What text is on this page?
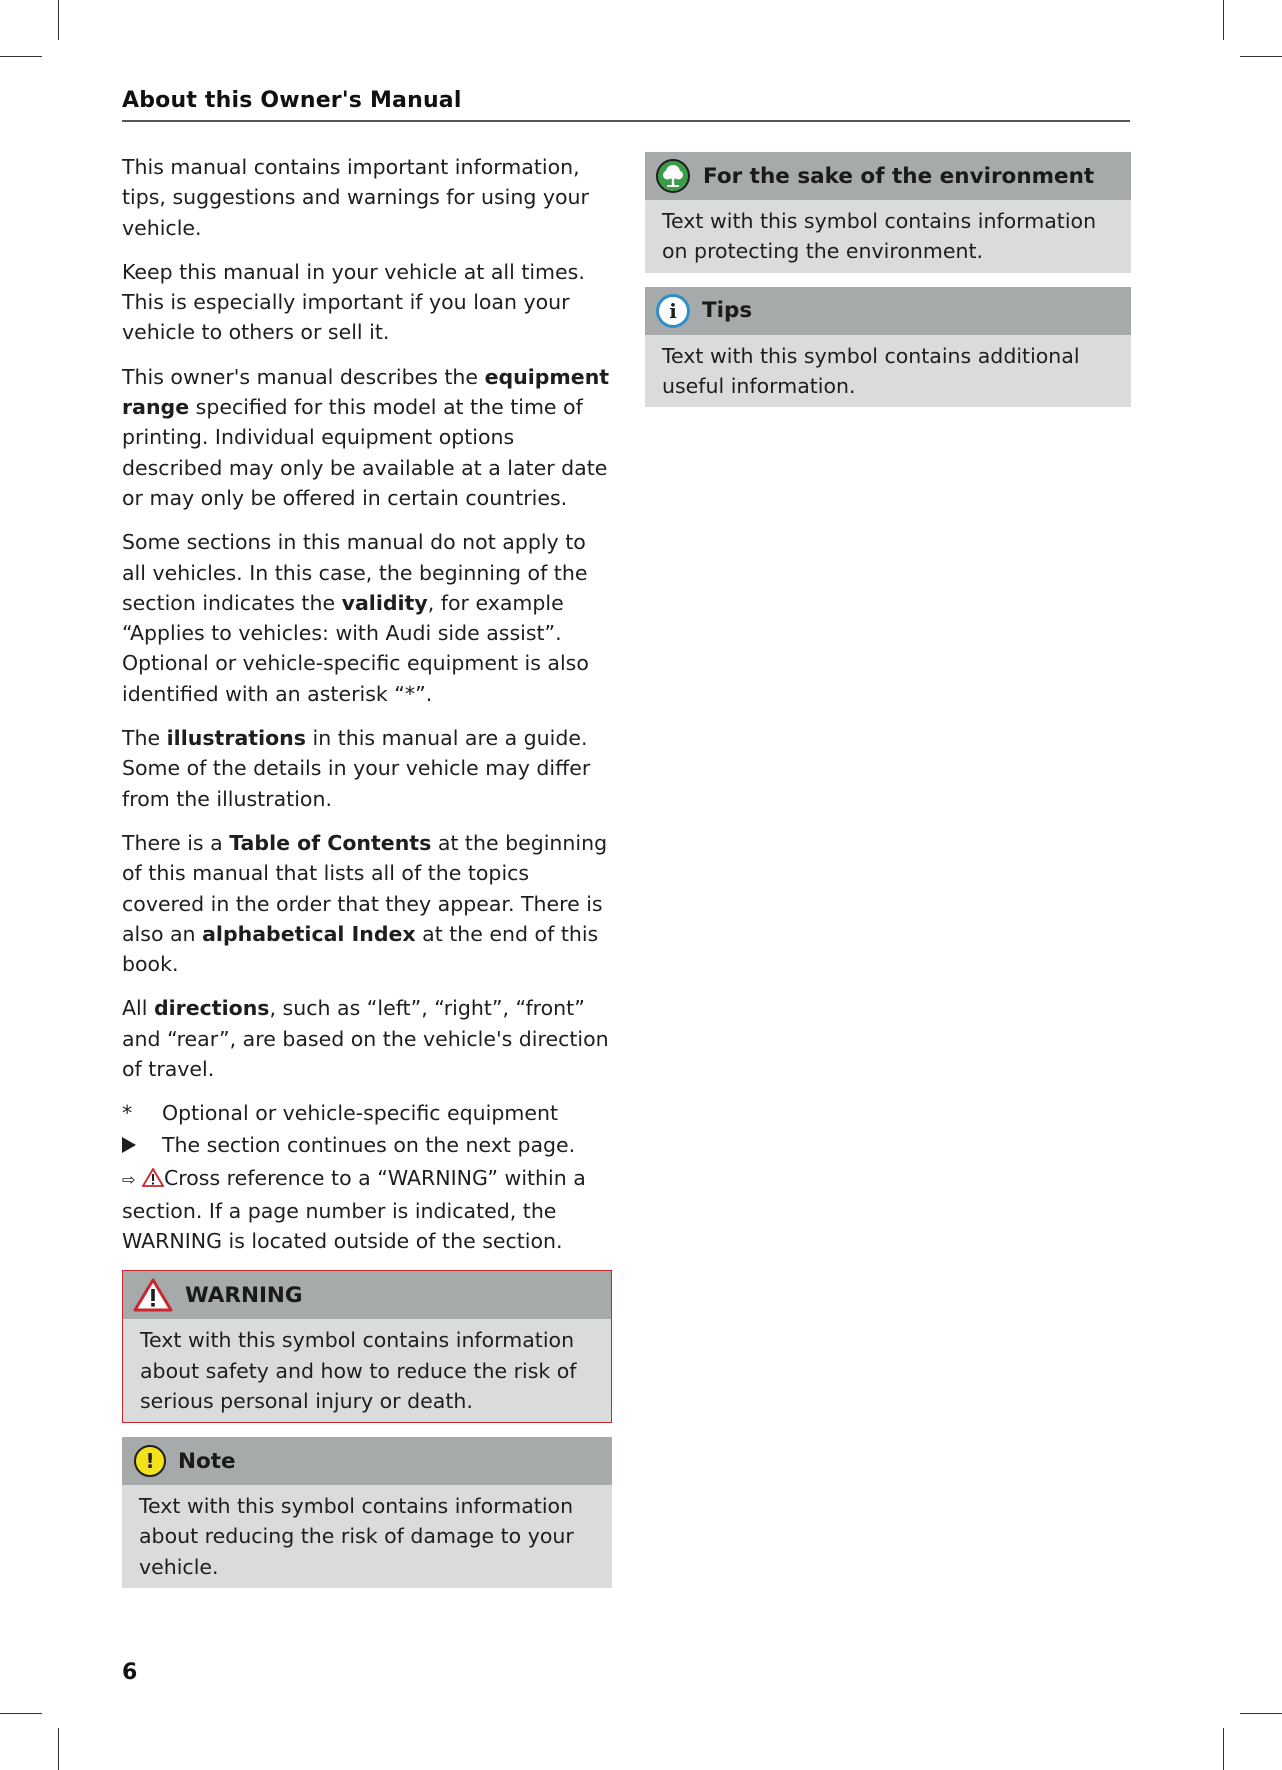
About this Owner's Manual

This manual contains important information, tips, suggestions and warnings for using your vehicle.

Keep this manual in your vehicle at all times. This is especially important if you loan your vehicle to others or sell it.

This owner's manual describes the equipment range specified for this model at the time of printing. Individual equipment options described may only be available at a later date or may only be offered in certain countries.

Some sections in this manual do not apply to all vehicles. In this case, the beginning of the section indicates the validity, for example “Applies to vehicles: with Audi side assist”. Optional or vehicle-specific equipment is also identified with an asterisk “*”.

The illustrations in this manual are a guide. Some of the details in your vehicle may differ from the illustration.

There is a Table of Contents at the beginning of this manual that lists all of the topics covered in the order that they appear. There is also an alphabetical Index at the end of this book.

All directions, such as “left”, “right”, “front” and “rear”, are based on the vehicle's direction of travel.

*	Optional or vehicle-specific equipment
The section continues on the next page.

⇨ Cross reference to a “WARNING” within a section. If a page number is indicated, the WARNING is located outside of the section.

WARNING
Text with this symbol contains information about safety and how to reduce the risk of serious personal injury or death.
! Note
Text with this symbol contains information about reducing the risk of damage to your vehicle.
For the sake of the environment
Text with this symbol contains information on protecting the environment.
i Tips
Text with this symbol contains additional useful information.
6
